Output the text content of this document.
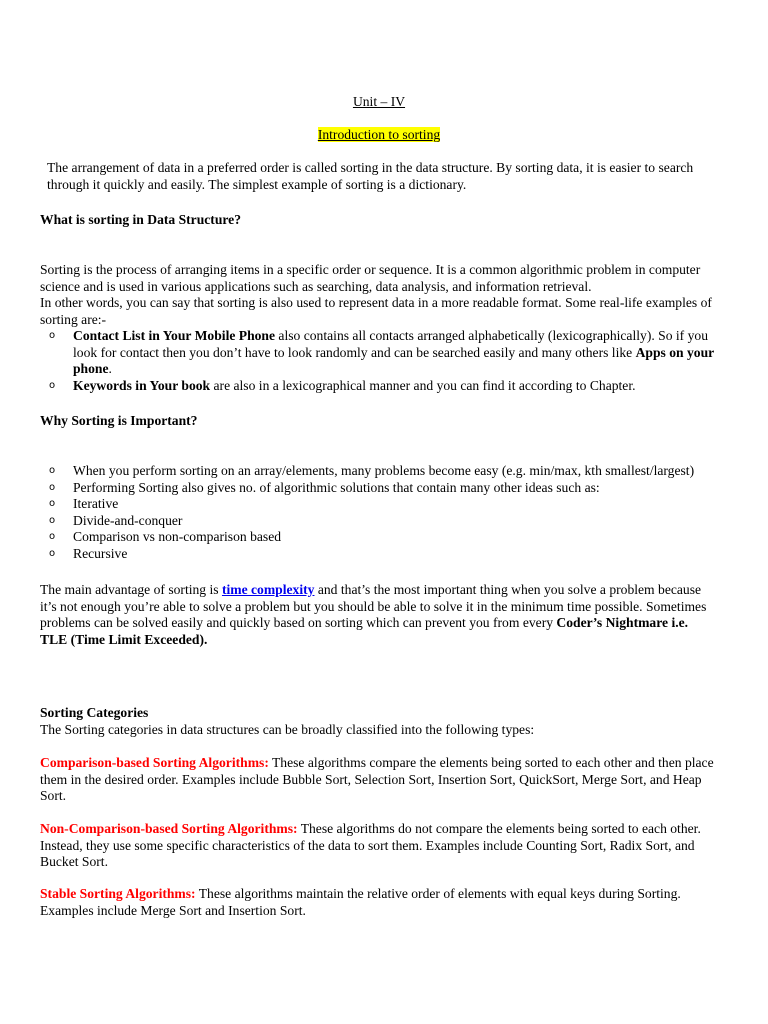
Unit – IV

Introduction to sorting

The arrangement of data in a preferred order is called sorting in the data structure. By sorting data, it is easier to search through it quickly and easily. The simplest example of sorting is a dictionary.

What is sorting in Data Structure?

Sorting is the process of arranging items in a specific order or sequence. It is a common algorithmic problem in computer science and is used in various applications such as searching, data analysis, and information retrieval.

In other words, you can say that sorting is also used to represent data in a more readable format. Some real-life examples of sorting are:-

o Contact List in Your Mobile Phone also contains all contacts arranged alphabetically (lexicographically). So if you look for contact then you don’t have to look randomly and can be searched easily and many others like Apps on your phone.
o Keywords in Your book are also in a lexicographical manner and you can find it according to Chapter.

Why Sorting is Important?

o When you perform sorting on an array/elements, many problems become easy (e.g. min/max, kth smallest/largest)
o Performing Sorting also gives no. of algorithmic solutions that contain many other ideas such as:
o Iterative
o Divide-and-conquer
o Comparison vs non-comparison based
o Recursive

The main advantage of sorting is time complexity and that’s the most important thing when you solve a problem because it’s not enough you’re able to solve a problem but you should be able to solve it in the minimum time possible. Sometimes problems can be solved easily and quickly based on sorting which can prevent you from every Coder’s Nightmare i.e. TLE (Time Limit Exceeded).

Sorting Categories

The Sorting categories in data structures can be broadly classified into the following types:

Comparison-based Sorting Algorithms: These algorithms compare the elements being sorted to each other and then place them in the desired order. Examples include Bubble Sort, Selection Sort, Insertion Sort, QuickSort, Merge Sort, and Heap Sort.

Non-Comparison-based Sorting Algorithms: These algorithms do not compare the elements being sorted to each other. Instead, they use some specific characteristics of the data to sort them. Examples include Counting Sort, Radix Sort, and Bucket Sort.

Stable Sorting Algorithms: These algorithms maintain the relative order of elements with equal keys during Sorting. Examples include Merge Sort and Insertion Sort.
